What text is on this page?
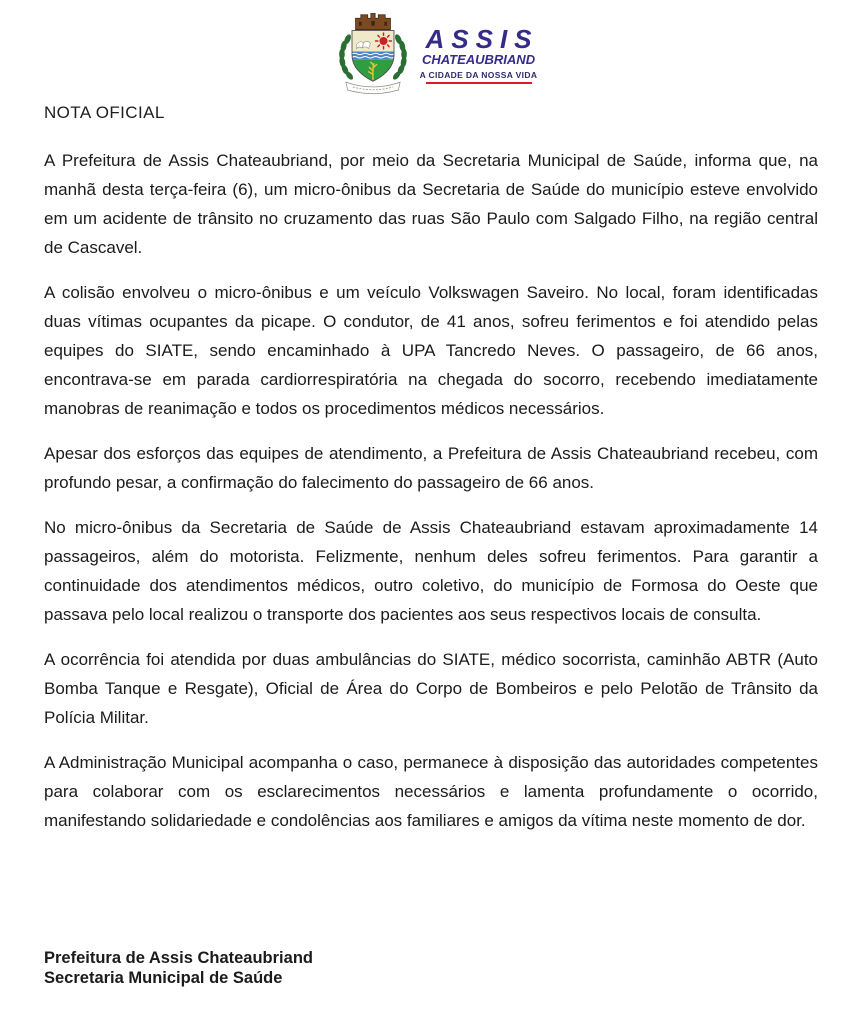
ASSIS
CHATEAUBRIAND
A CIDADE DA NOSSA VIDA
NOTA OFICIAL

A Prefeitura de Assis Chateaubriand, por meio da Secretaria Municipal de Saúde, informa que, na manhã desta terça-feira (6), um micro-ônibus da Secretaria de Saúde do município esteve envolvido em um acidente de trânsito no cruzamento das ruas São Paulo com Salgado Filho, na região central de Cascavel.

A colisão envolveu o micro-ônibus e um veículo Volkswagen Saveiro. No local, foram identificadas duas vítimas ocupantes da picape. O condutor, de 41 anos, sofreu ferimentos e foi atendido pelas equipes do SIATE, sendo encaminhado à UPA Tancredo Neves. O passageiro, de 66 anos, encontrava-se em parada cardiorrespiratória na chegada do socorro, recebendo imediatamente manobras de reanimação e todos os procedimentos médicos necessários.

Apesar dos esforços das equipes de atendimento, a Prefeitura de Assis Chateaubriand recebeu, com profundo pesar, a confirmação do falecimento do passageiro de 66 anos.

No micro-ônibus da Secretaria de Saúde de Assis Chateaubriand estavam aproximadamente 14 passageiros, além do motorista. Felizmente, nenhum deles sofreu ferimentos. Para garantir a continuidade dos atendimentos médicos, outro coletivo, do município de Formosa do Oeste que passava pelo local realizou o transporte dos pacientes aos seus respectivos locais de consulta.

A ocorrência foi atendida por duas ambulâncias do SIATE, médico socorrista, caminhão ABTR (Auto Bomba Tanque e Resgate), Oficial de Área do Corpo de Bombeiros e pelo Pelotão de Trânsito da Polícia Militar.

A Administração Municipal acompanha o caso, permanece à disposição das autoridades competentes para colaborar com os esclarecimentos necessários e lamenta profundamente o ocorrido, manifestando solidariedade e condolências aos familiares e amigos da vítima neste momento de dor.

Prefeitura de Assis Chateaubriand
Secretaria Municipal de Saúde
